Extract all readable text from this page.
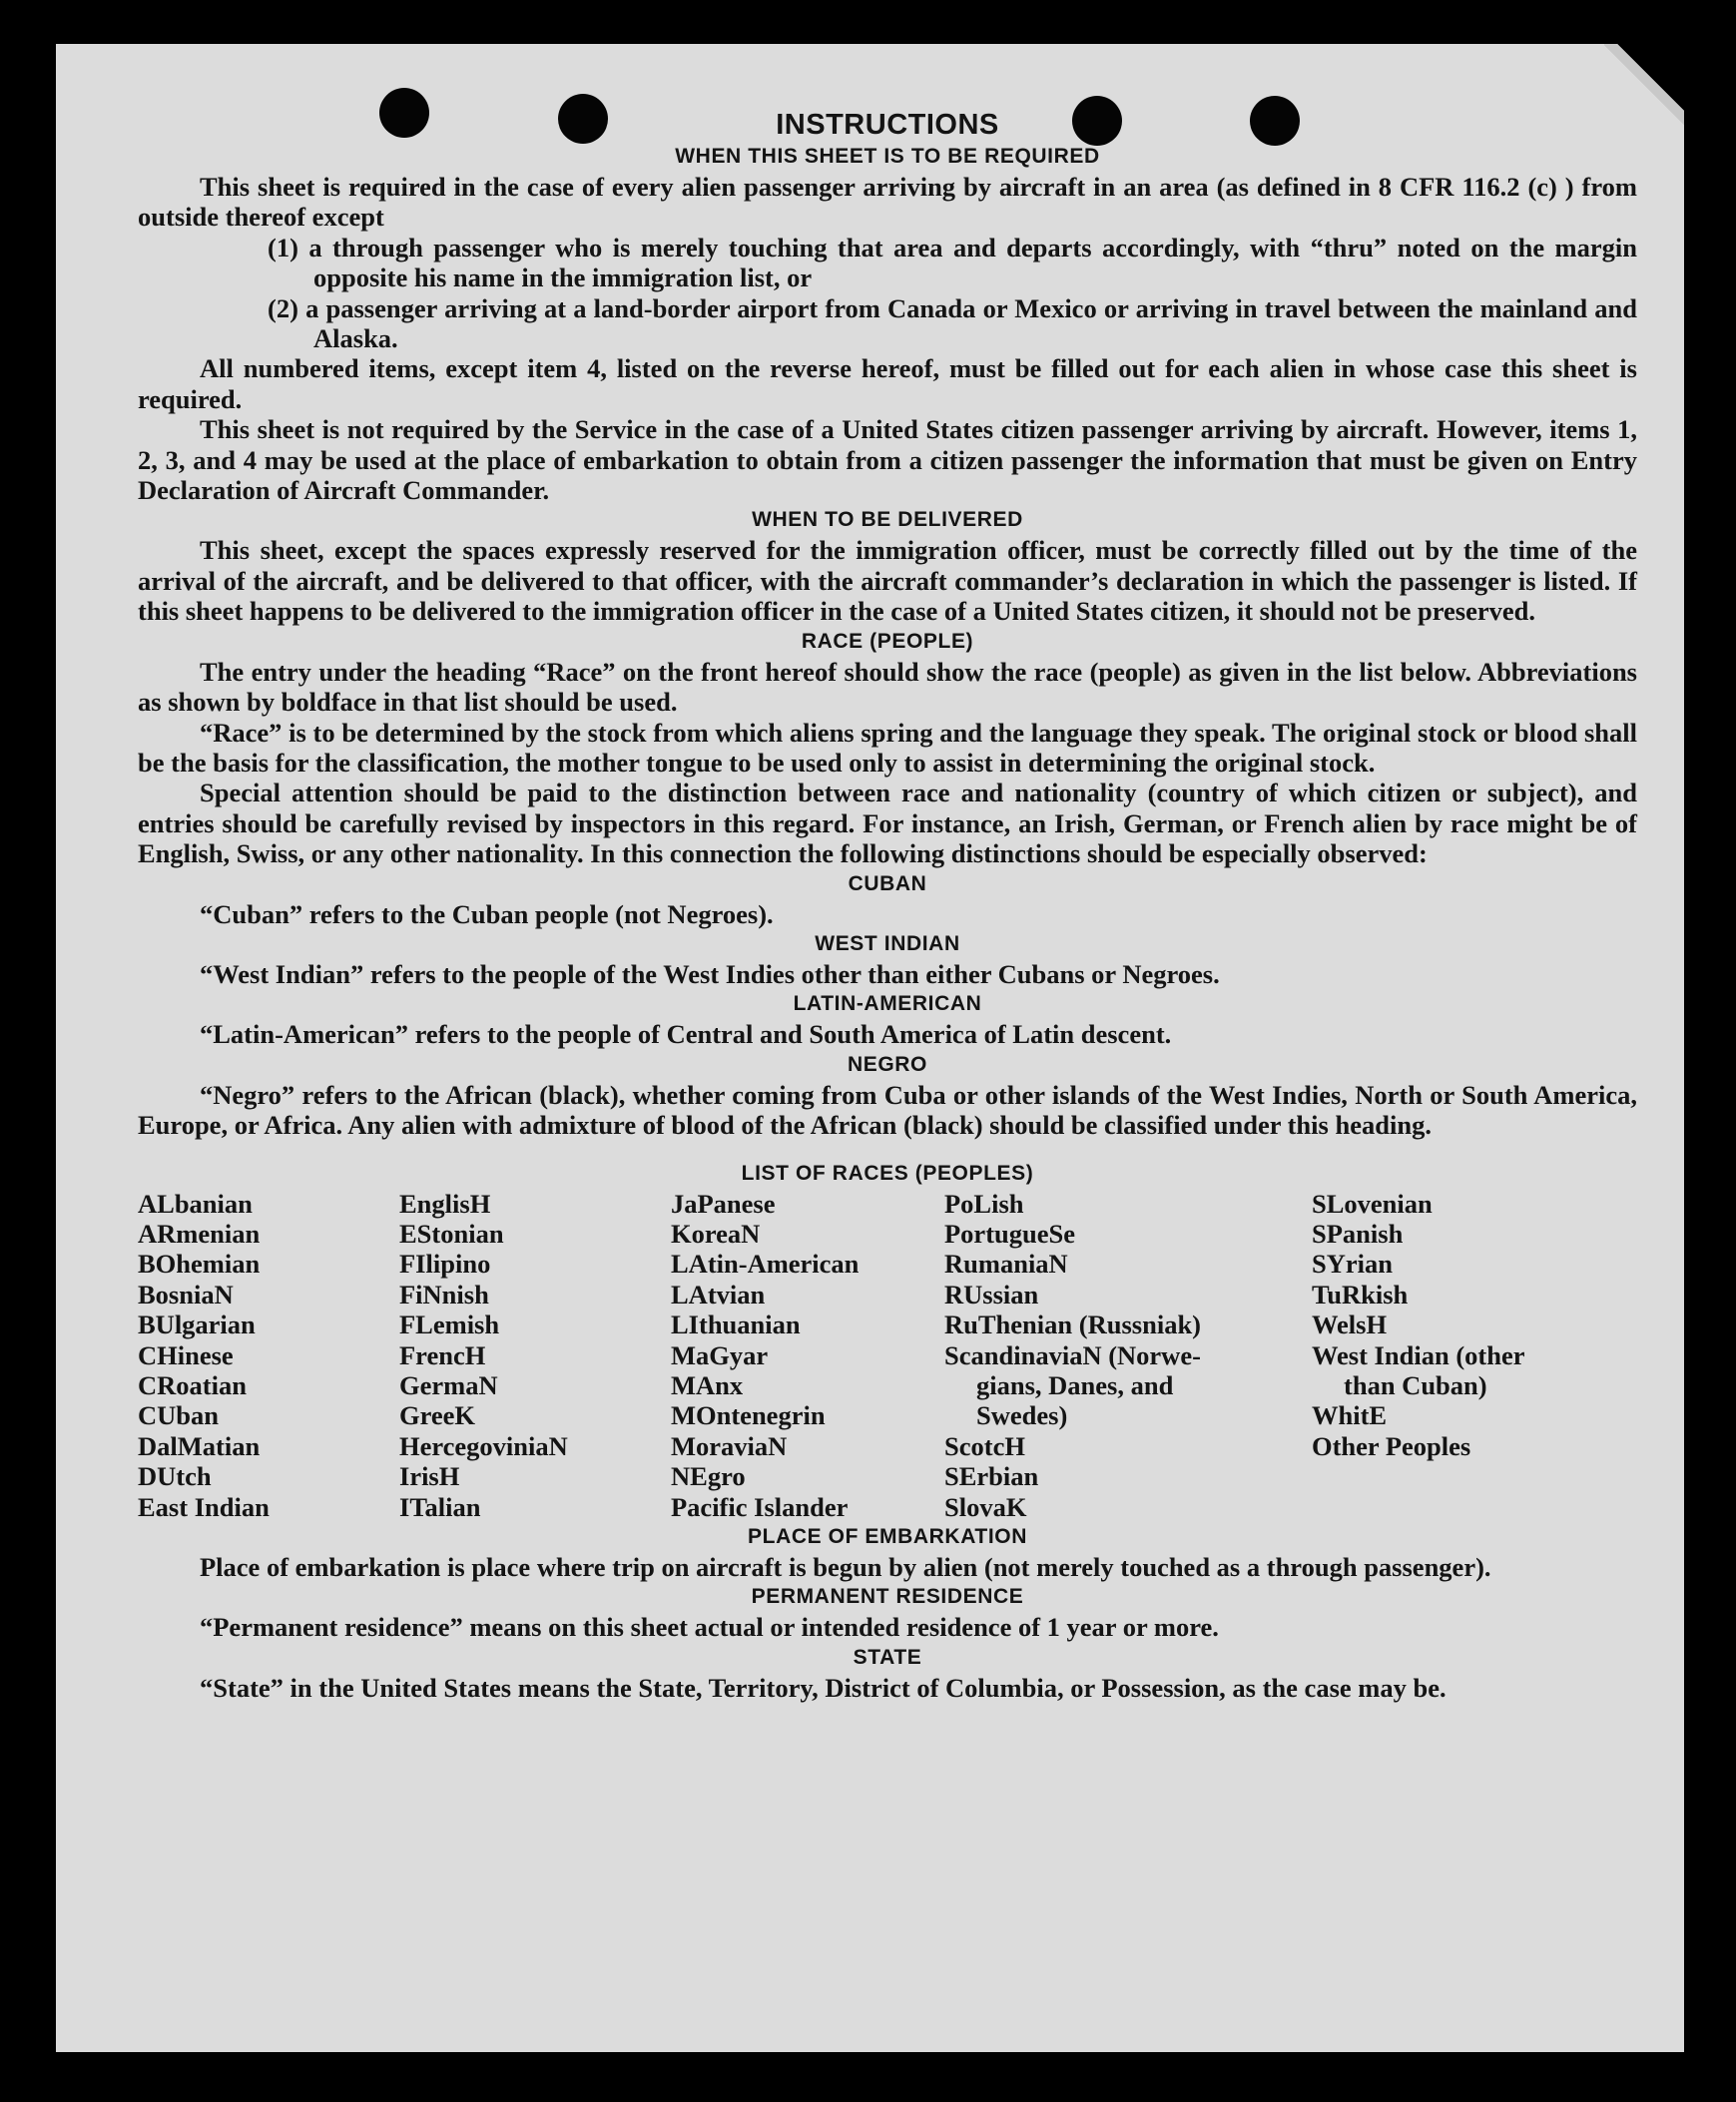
INSTRUCTIONS
WHEN THIS SHEET IS TO BE REQUIRED

This sheet is required in the case of every alien passenger arriving by aircraft in an area (as defined in 8 CFR 116.2 (c) ) from outside thereof except

(1) a through passenger who is merely touching that area and departs accordingly, with “thru” noted on the margin opposite his name in the immigration list, or

(2) a passenger arriving at a land-border airport from Canada or Mexico or arriving in travel between the mainland and Alaska.

All numbered items, except item 4, listed on the reverse hereof, must be filled out for each alien in whose case this sheet is required.

This sheet is not required by the Service in the case of a United States citizen passenger arriving by aircraft. However, items 1, 2, 3, and 4 may be used at the place of embarkation to obtain from a citizen passenger the information that must be given on Entry Declaration of Aircraft Commander.

WHEN TO BE DELIVERED

This sheet, except the spaces expressly reserved for the immigration officer, must be correctly filled out by the time of the arrival of the aircraft, and be delivered to that officer, with the aircraft commander’s declaration in which the passenger is listed. If this sheet happens to be delivered to the immigration officer in the case of a United States citizen, it should not be preserved.

RACE (PEOPLE)

The entry under the heading “Race” on the front hereof should show the race (people) as given in the list below. Abbreviations as shown by boldface in that list should be used.

“Race” is to be determined by the stock from which aliens spring and the language they speak. The original stock or blood shall be the basis for the classification, the mother tongue to be used only to assist in determining the original stock.

Special attention should be paid to the distinction between race and nationality (country of which citizen or subject), and entries should be carefully revised by inspectors in this regard. For instance, an Irish, German, or French alien by race might be of English, Swiss, or any other nationality. In this connection the following distinctions should be especially observed:

CUBAN

“Cuban” refers to the Cuban people (not Negroes).

WEST INDIAN

“West Indian” refers to the people of the West Indies other than either Cubans or Negroes.

LATIN-AMERICAN

“Latin-American” refers to the people of Central and South America of Latin descent.

NEGRO

“Negro” refers to the African (black), whether coming from Cuba or other islands of the West Indies, North or South America, Europe, or Africa. Any alien with admixture of blood of the African (black) should be classified under this heading.

LIST OF RACES (PEOPLES)
ALbanian
ARmenian
BOhemian
BosniaN
BUlgarian
CHinese
CRoatian
CUban
DalMatian
DUtch
East Indian
EnglisH
EStonian
FIlipino
FiNnish
FLemish
FrencH
GermaN
GreeK
HercegoviniaN
IrisH
ITalian
JaPanese
KoreaN
LAtin-American
LAtvian
LIthuanian
MaGyar
MAnx
MOntenegrin
MoraviaN
NEgro
Pacific Islander
PoLish
PortugueSe
RumaniaN
RUssian
RuThenian (Russniak)
ScandinaviaN (Norwe-
gians, Danes, and
Swedes)
ScotcH
SErbian
SlovaK
SLovenian
SPanish
SYrian
TuRkish
WelsH
West Indian (other
than Cuban)
WhitE
Other Peoples
PLACE OF EMBARKATION

Place of embarkation is place where trip on aircraft is begun by alien (not merely touched as a through passenger).

PERMANENT RESIDENCE

“Permanent residence” means on this sheet actual or intended residence of 1 year or more.

STATE

“State” in the United States means the State, Territory, District of Columbia, or Possession, as the case may be.
